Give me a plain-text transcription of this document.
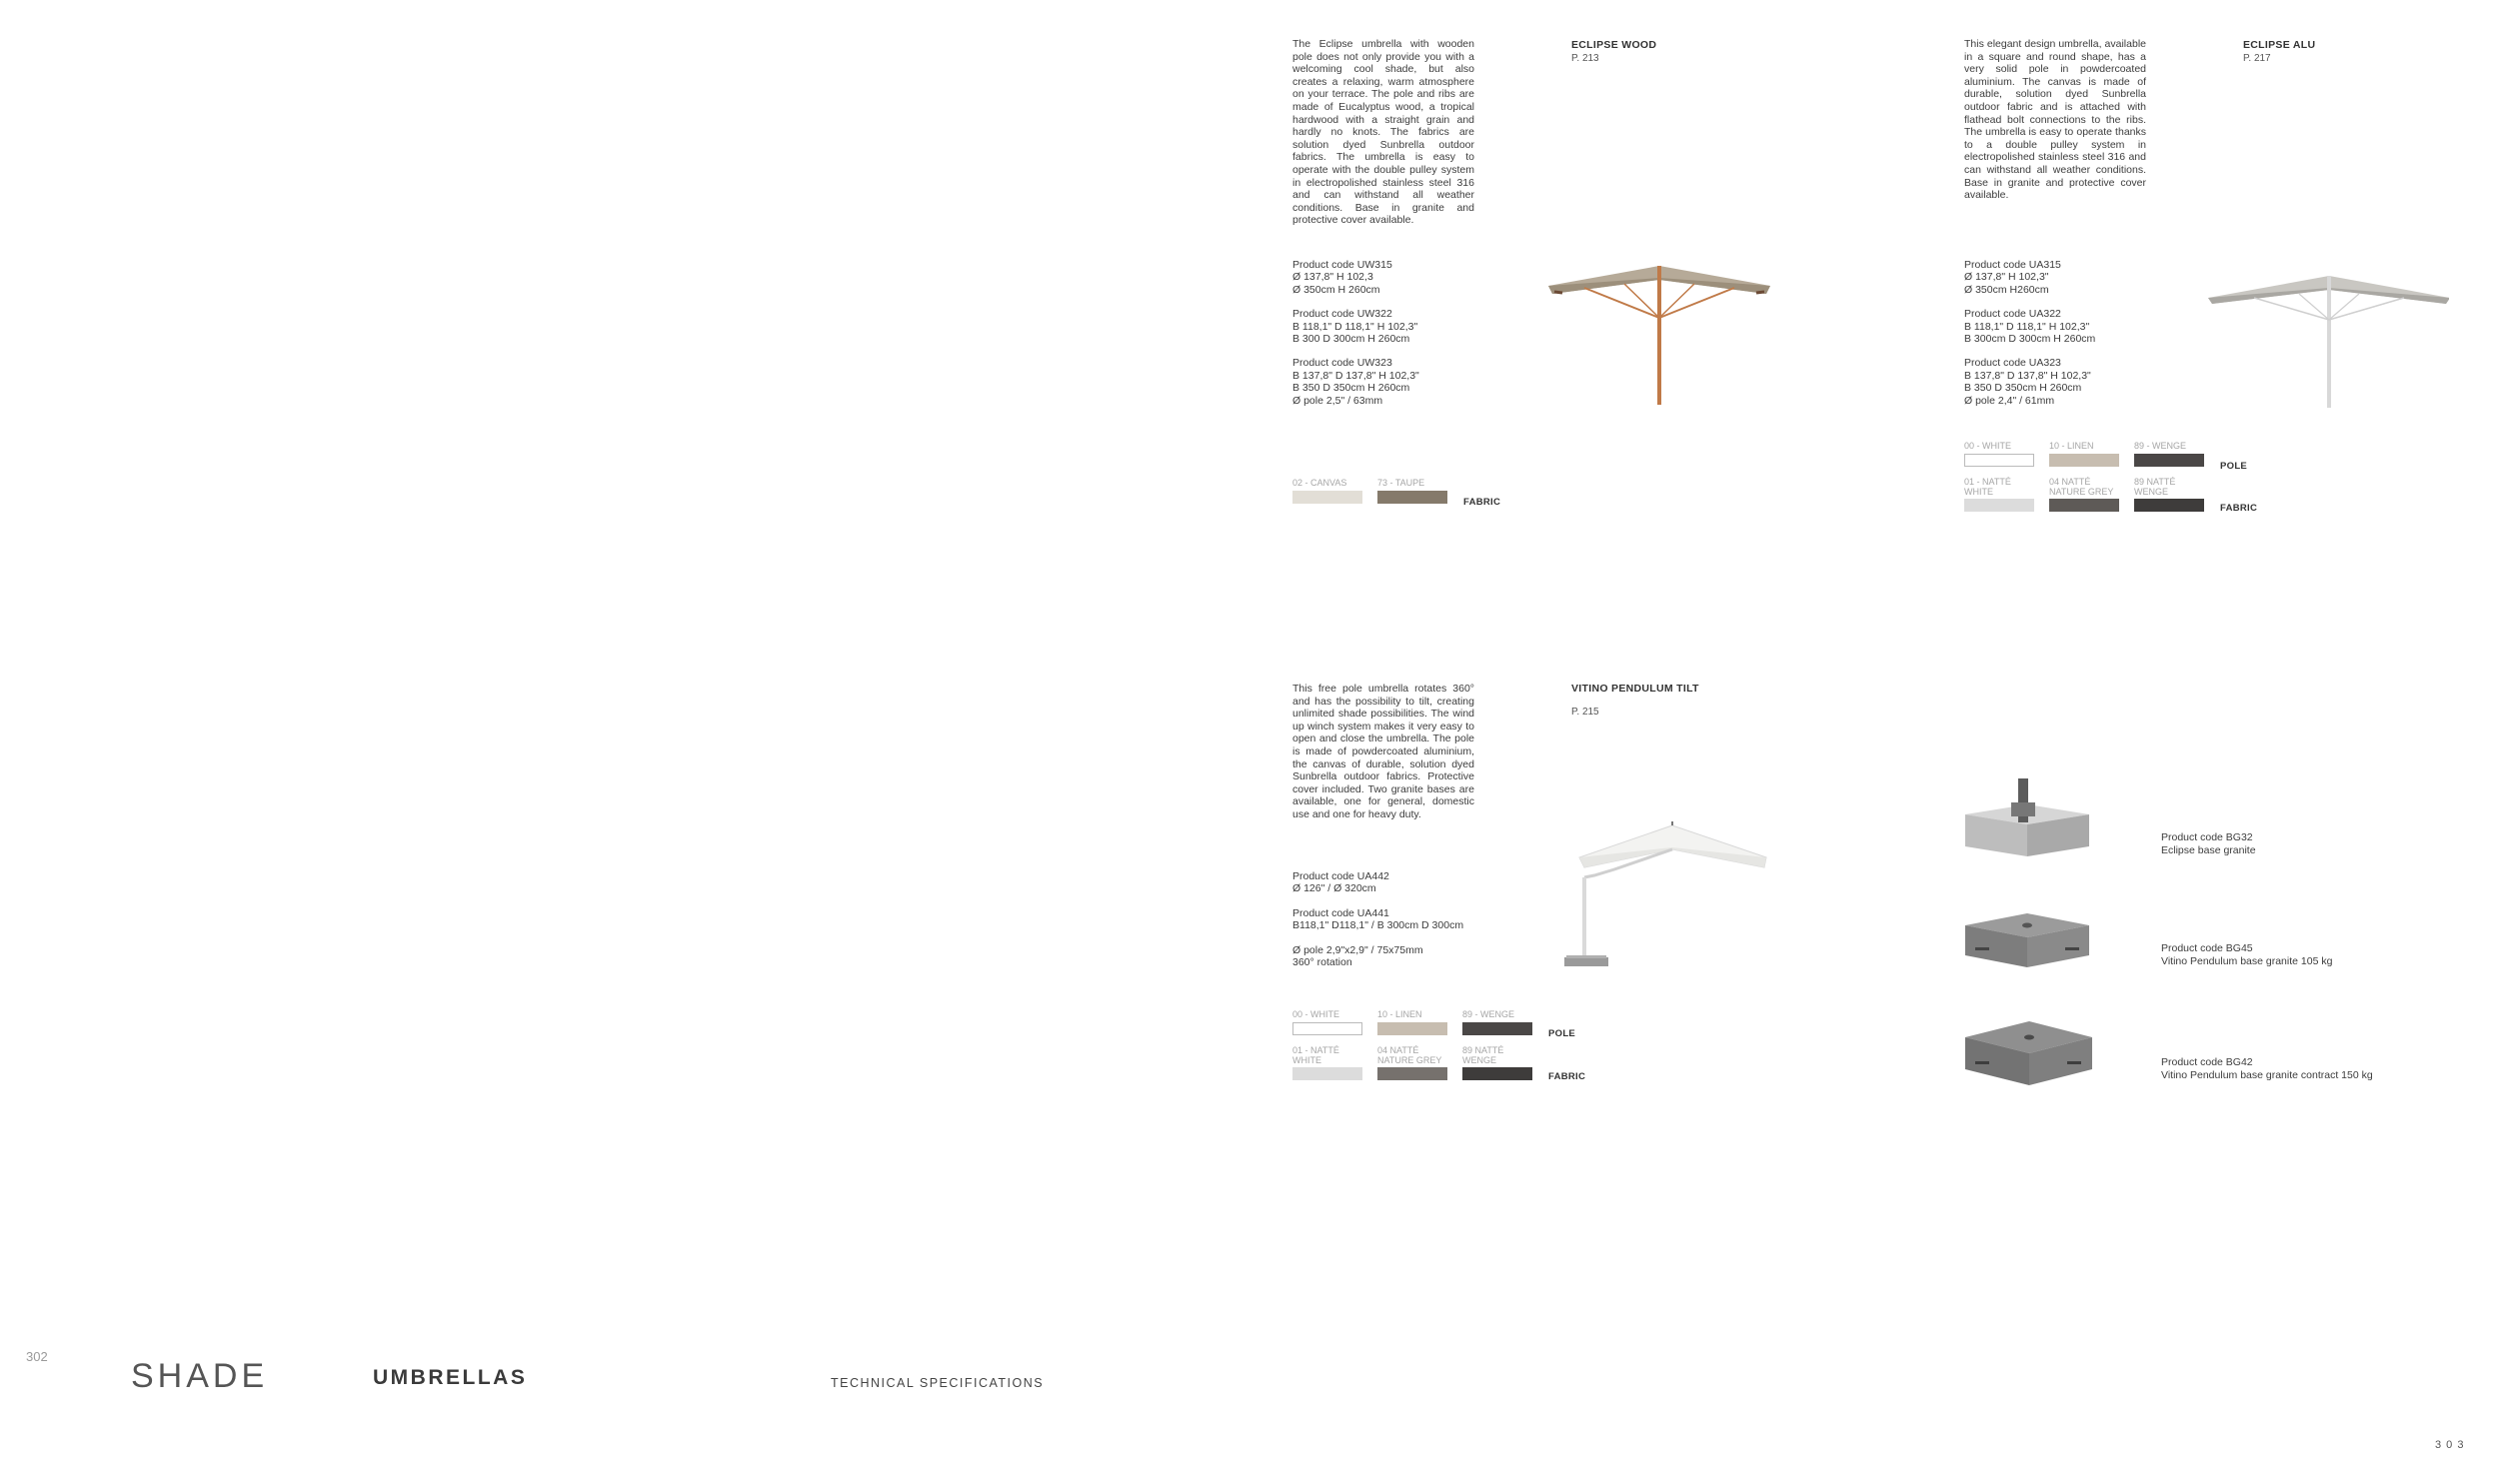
302
SHADE	UMBRELLAS	TECHNICAL SPECIFICATIONS
3 0 3
The Eclipse umbrella with wooden pole does not only provide you with a welcoming cool shade, but also creates a relaxing, warm atmosphere on your terrace. The pole and ribs are made of Eucalyptus wood, a tropical hardwood with a straight grain and hardly no knots. The fabrics are solution dyed Sunbrella outdoor fabrics. The umbrella is easy to operate with the double pulley system in electropolished stainless steel 316 and can withstand all weather conditions. Base in granite and protective cover available.
ECLIPSE WOOD
P. 213
Product code UW315
Ø 137,8" H 102,3
Ø 350cm H 260cm
Product code UW322
B 118,1" D 118,1" H 102,3"
B 300 D 300cm H 260cm
Product code UW323
B 137,8" D 137,8" H 102,3"
B 350 D 350cm H 260cm
Ø pole 2,5" / 63mm
02 - CANVAS	73 - TAUPE
FABRIC
This elegant design umbrella, available in a square and round shape, has a very solid pole in powdercoated aluminium. The canvas is made of durable, solution dyed Sunbrella outdoor fabric and is attached with flathead bolt connections to the ribs. The umbrella is easy to operate thanks to a double pulley system in electropolished stainless steel 316 and can withstand all weather conditions. Base in granite and protective cover available.
ECLIPSE ALU
P. 217
Product code UA315
Ø 137,8" H 102,3"
Ø 350cm H260cm
Product code UA322
B 118,1" D 118,1" H 102,3"
B 300cm D 300cm H 260cm
Product code UA323
B 137,8" D 137,8" H 102,3"
B 350 D 350cm H 260cm
Ø pole 2,4" / 61mm
00 - WHITE	10 - LINEN	89 - WENGE
POLE
01 - NATTÉ
WHITE
04 NATTÉ
NATURE GREY
89 NATTÉ
WENGE
FABRIC
This free pole umbrella rotates 360° and has the possibility to tilt, creating unlimited shade possibilities. The wind up winch system makes it very easy to open and close the umbrella. The pole is made of powdercoated aluminium, the canvas of durable, solution dyed Sunbrella outdoor fabrics. Protective cover included. Two granite bases are available, one for general, domestic use and one for heavy duty.
VITINO PENDULUM TILT
P. 215
Product code UA442
Ø 126" / Ø 320cm
Product code UA441
B118,1" D118,1" / B 300cm D 300cm
Ø pole 2,9"x2,9" / 75x75mm
360° rotation
00 - WHITE	10 - LINEN	89 - WENGE
POLE
01 - NATTÉ
WHITE
04 NATTÉ
NATURE GREY
89 NATTÉ
WENGE
FABRIC
Product code BG32
Eclipse base granite
Product code BG45
Vitino Pendulum base granite 105 kg
Product code BG42
Vitino Pendulum base granite contract 150 kg
